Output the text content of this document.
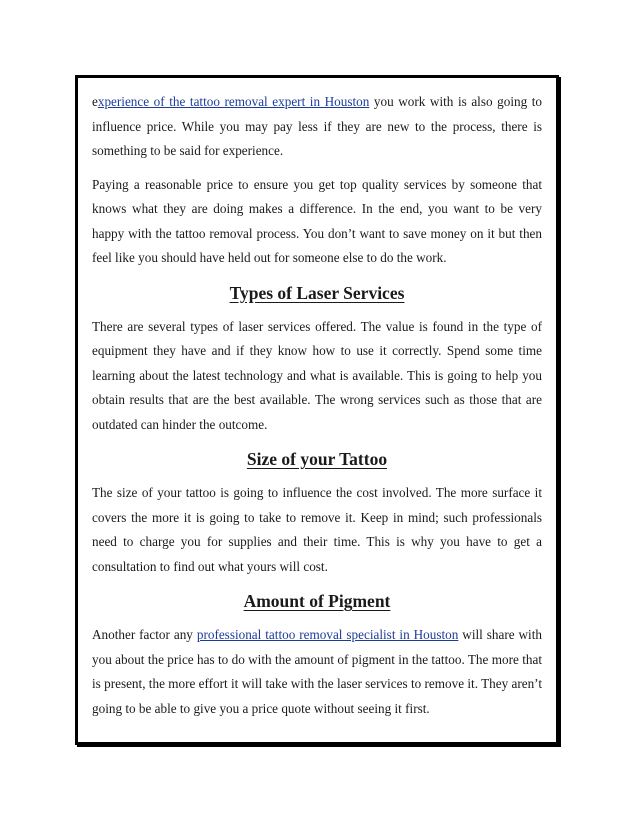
experience of the tattoo removal expert in Houston you work with is also going to influence price. While you may pay less if they are new to the process, there is something to be said for experience.

Paying a reasonable price to ensure you get top quality services by someone that knows what they are doing makes a difference. In the end, you want to be very happy with the tattoo removal process. You don’t want to save money on it but then feel like you should have held out for someone else to do the work.

Types of Laser Services

There are several types of laser services offered. The value is found in the type of equipment they have and if they know how to use it correctly. Spend some time learning about the latest technology and what is available. This is going to help you obtain results that are the best available. The wrong services such as those that are outdated can hinder the outcome.

Size of your Tattoo

The size of your tattoo is going to influence the cost involved. The more surface it covers the more it is going to take to remove it. Keep in mind; such professionals need to charge you for supplies and their time. This is why you have to get a consultation to find out what yours will cost.

Amount of Pigment

Another factor any professional tattoo removal specialist in Houston will share with you about the price has to do with the amount of pigment in the tattoo. The more that is present, the more effort it will take with the laser services to remove it. They aren’t going to be able to give you a price quote without seeing it first.
